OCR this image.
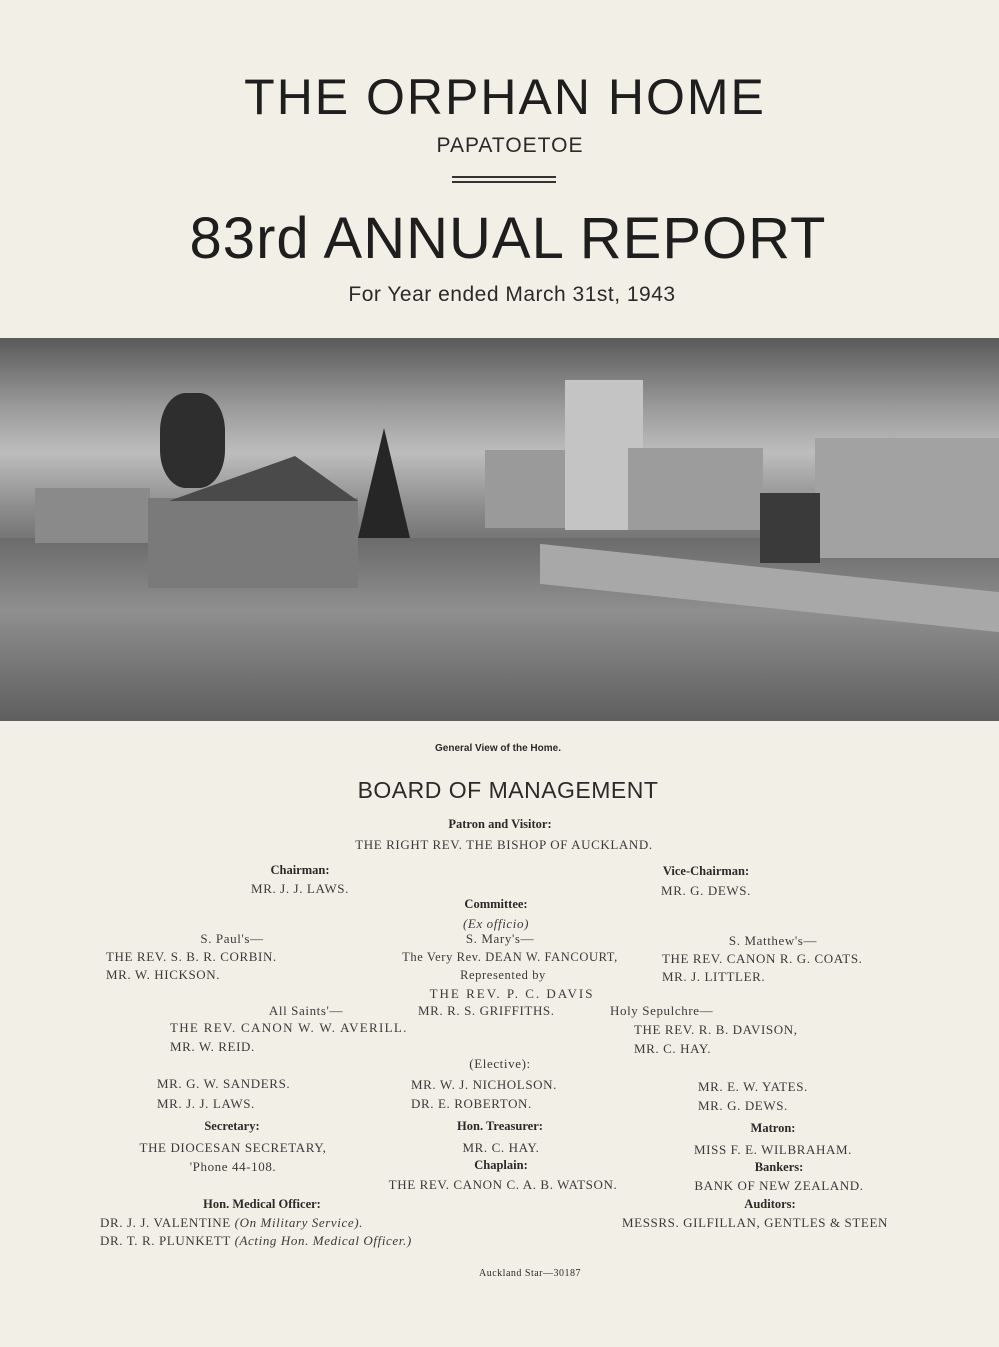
THE ORPHAN HOME
PAPATOETOE
83rd ANNUAL REPORT
For Year ended March 31st, 1943
General View of the Home.
BOARD OF MANAGEMENT
Patron and Visitor:
THE RIGHT REV. THE BISHOP OF AUCKLAND.
Chairman:
MR. J. J. LAWS.
Vice-Chairman:
MR. G. DEWS.
Committee:
(Ex officio)
S. Paul's—
THE REV. S. B. R. CORBIN.
MR. W. HICKSON.
S. Mary's—
The Very Rev. DEAN W. FANCOURT,
Represented by
THE REV. P. C. DAVIS
MR. R. S. GRIFFITHS.
S. Matthew's—
THE REV. CANON R. G. COATS.
MR. J. LITTLER.
All Saints'—
THE REV. CANON W. W. AVERILL.
MR. W. REID.
Holy Sepulchre—
THE REV. R. B. DAVISON,
MR. C. HAY.
(Elective):
MR. G. W. SANDERS.
MR. J. J. LAWS.
MR. W. J. NICHOLSON.
DR. E. ROBERTON.
MR. E. W. YATES.
MR. G. DEWS.
Secretary:
THE DIOCESAN SECRETARY,
'Phone 44-108.
Hon. Treasurer:
MR. C. HAY.
Chaplain:
THE REV. CANON C. A. B. WATSON.
Matron:
MISS F. E. WILBRAHAM.
Bankers:
BANK OF NEW ZEALAND.
Hon. Medical Officer:
DR. J. J. VALENTINE (On Military Service).
DR. T. R. PLUNKETT (Acting Hon. Medical Officer.)
Auditors:
MESSRS. GILFILLAN, GENTLES & STEEN
Auckland Star—30187
